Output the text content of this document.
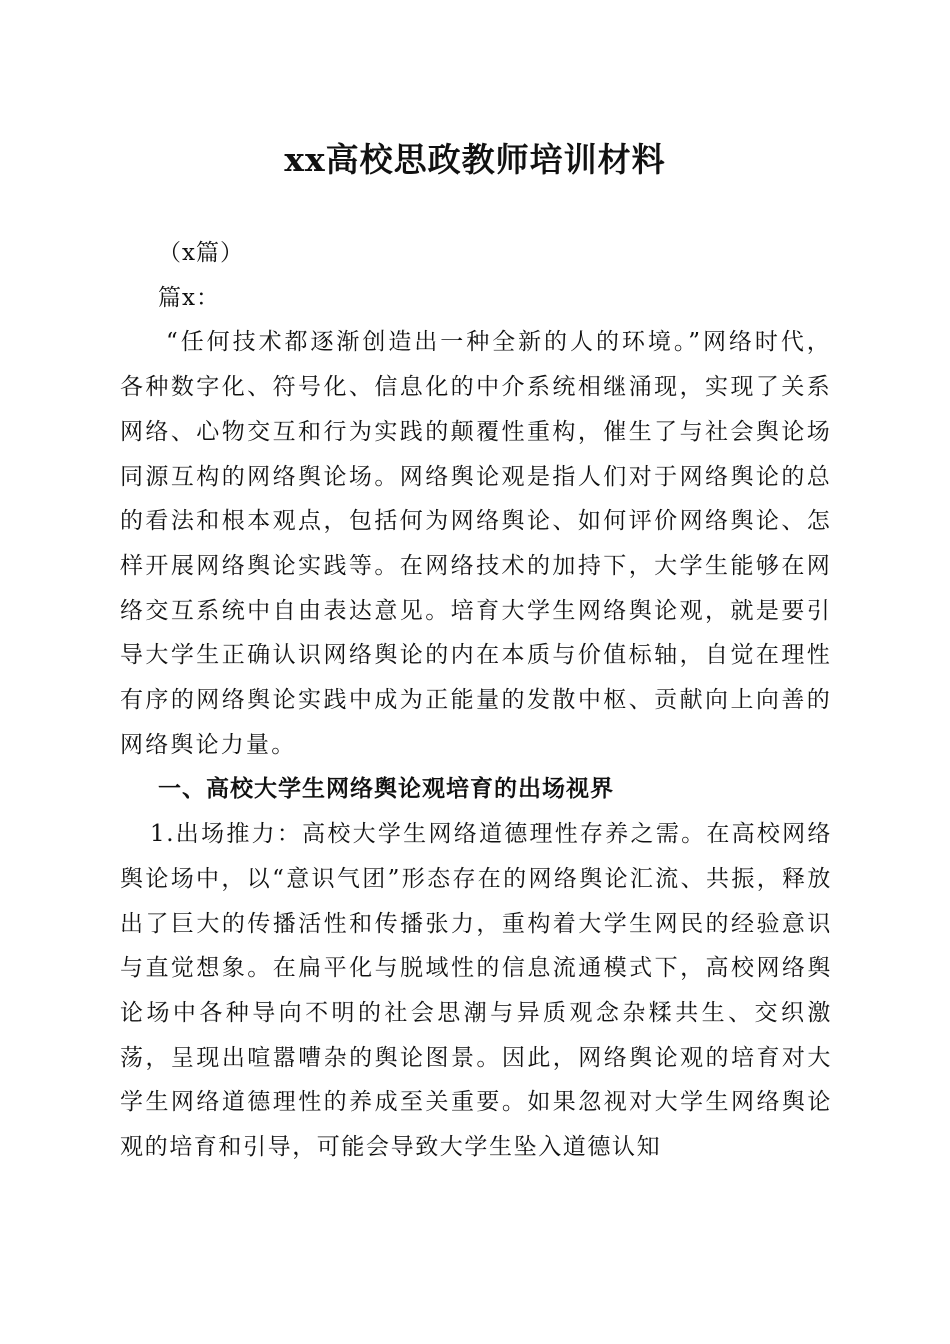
xx高校思政教师培训材料

（x篇）

篇x：

“任何技术都逐渐创造出一种全新的人的环境。”网络时代，各种数字化、符号化、信息化的中介系统相继涌现，实现了关系网络、心物交互和行为实践的颠覆性重构，催生了与社会舆论场同源互构的网络舆论场。网络舆论观是指人们对于网络舆论的总的看法和根本观点，包括何为网络舆论、如何评价网络舆论、怎样开展网络舆论实践等。在网络技术的加持下，大学生能够在网络交互系统中自由表达意见。培育大学生网络舆论观，就是要引导大学生正确认识网络舆论的内在本质与价值标轴，自觉在理性有序的网络舆论实践中成为正能量的发散中枢、贡献向上向善的网络舆论力量。

一、高校大学生网络舆论观培育的出场视界

1.出场推力：高校大学生网络道德理性存养之需。在高校网络舆论场中，以“意识气团”形态存在的网络舆论汇流、共振，释放出了巨大的传播活性和传播张力，重构着大学生网民的经验意识与直觉想象。在扁平化与脱域性的信息流通模式下，高校网络舆论场中各种导向不明的社会思潮与异质观念杂糅共生、交织激荡，呈现出喧嚣嘈杂的舆论图景。因此，网络舆论观的培育对大学生网络道德理性的养成至关重要。如果忽视对大学生网络舆论观的培育和引导，可能会导致大学生坠入道德认知
